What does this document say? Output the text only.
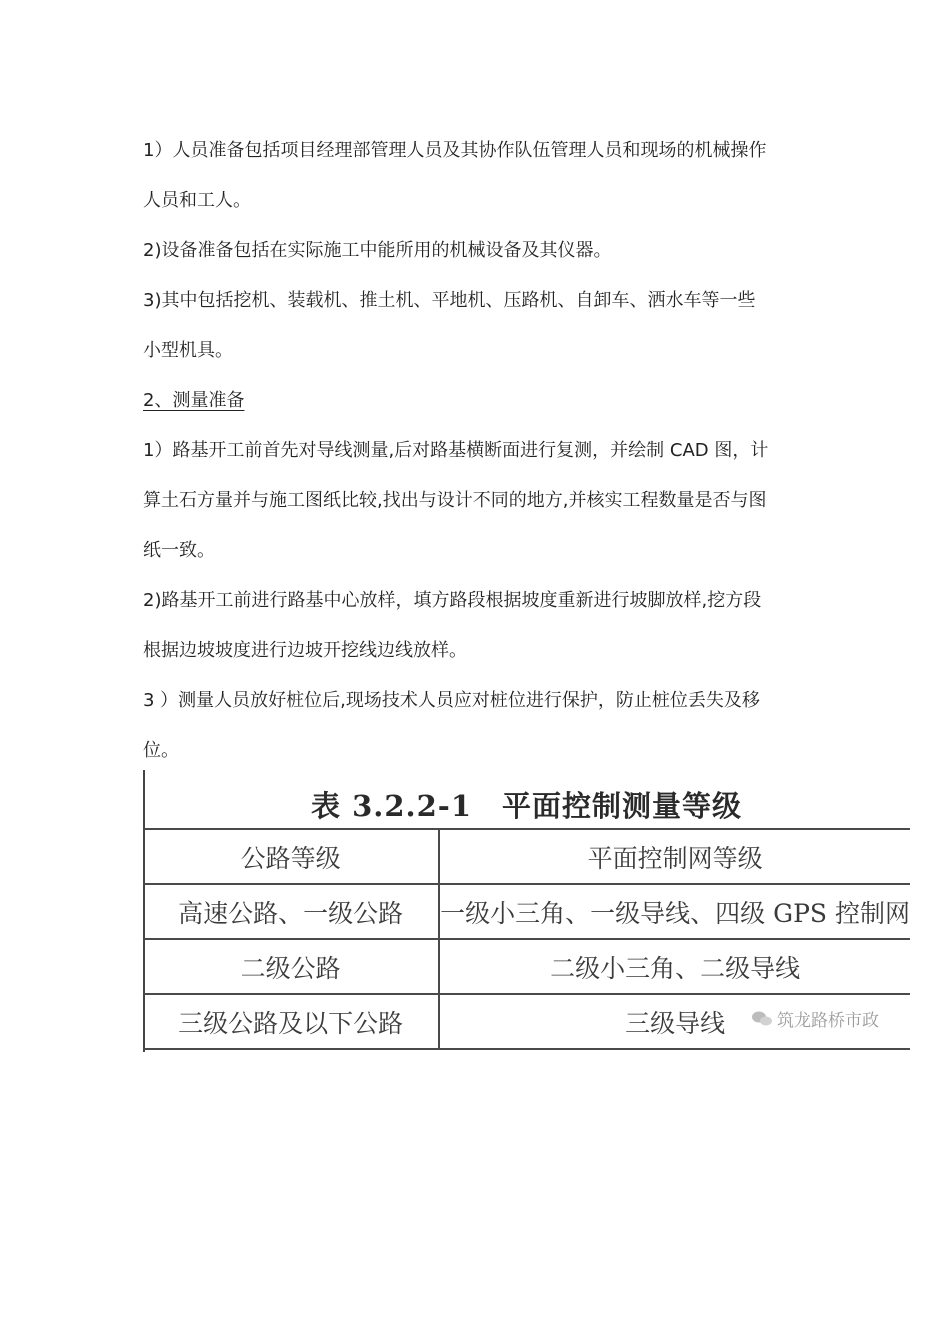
1）人员准备包括项目经理部管理人员及其协作队伍管理人员和现场的机械操作
人员和工人。
2)设备准备包括在实际施工中能所用的机械设备及其仪器。
3)其中包括挖机、装载机、推土机、平地机、压路机、自卸车、洒水车等一些
小型机具。
2、测量准备
1）路基开工前首先对导线测量,后对路基横断面进行复测，并绘制 CAD 图，计
算土石方量并与施工图纸比较,找出与设计不同的地方,并核实工程数量是否与图
纸一致。
2)路基开工前进行路基中心放样，填方路段根据坡度重新进行坡脚放样,挖方段
根据边坡坡度进行边坡开挖线边线放样。
3 ）测量人员放好桩位后,现场技术人员应对桩位进行保护，防止桩位丢失及移
位。
表 3.2.2-1　平面控制测量等级
公路等级	平面控制网等级
高速公路、一级公路	一级小三角、一级导线、四级 GPS 控制网
二级公路	二级小三角、二级导线
三级公路及以下公路	三级导线	筑龙路桥市政
